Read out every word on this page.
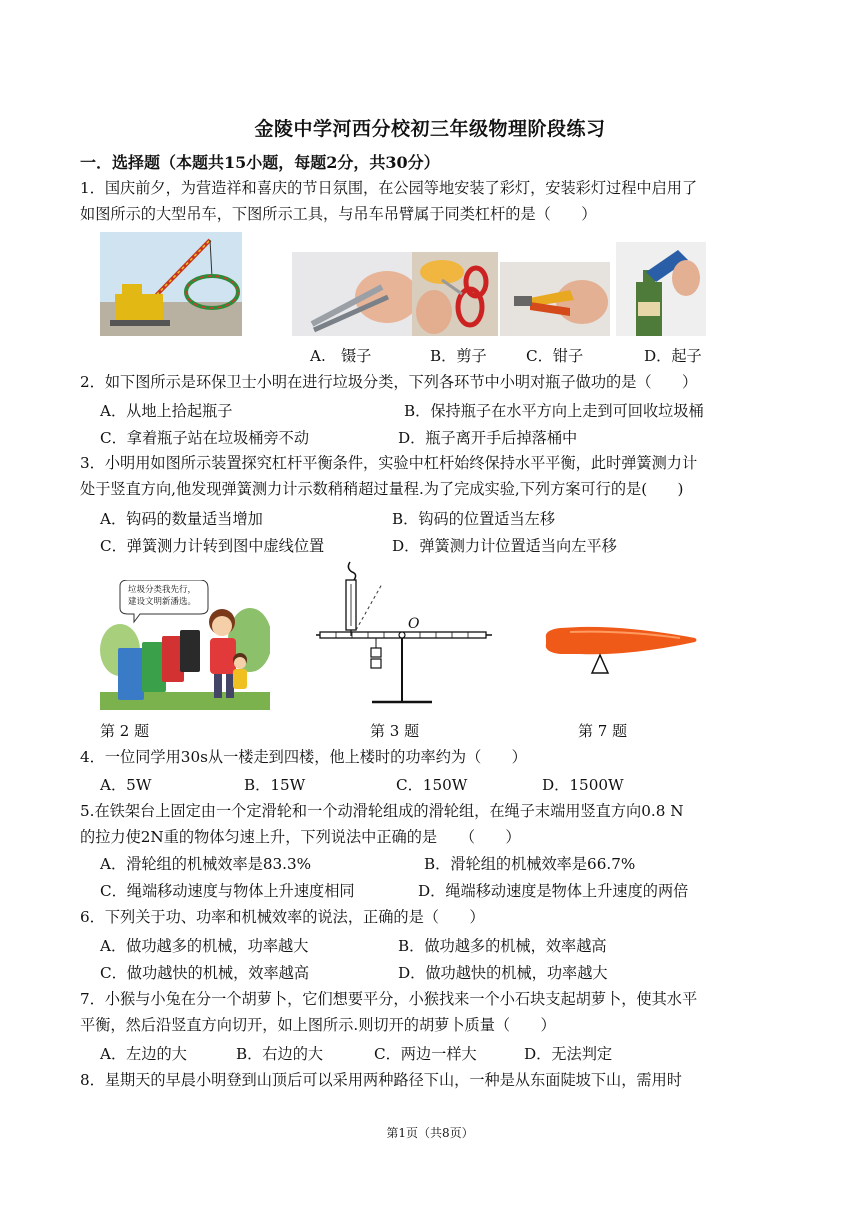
金陵中学河西分校初三年级物理阶段练习
一．选择题（本题共15小题，每题2分，共30分）
1．国庆前夕，为营造祥和喜庆的节日氛围，在公园等地安装了彩灯，安装彩灯过程中启用了
如图所示的大型吊车，下图所示工具，与吊车吊臂属于同类杠杆的是（　　）
A.　镊子	B．剪子	C．钳子	D．起子
2．如下图所示是环保卫士小明在进行垃圾分类，下列各环节中小明对瓶子做功的是（　　）
A．从地上拾起瓶子	B．保持瓶子在水平方向上走到可回收垃圾桶
C．拿着瓶子站在垃圾桶旁不动	D．瓶子离开手后掉落桶中
3．小明用如图所示装置探究杠杆平衡条件，实验中杠杆始终保持水平平衡，此时弹簧测力计
处于竖直方向,他发现弹簧测力计示数稍稍超过量程.为了完成实验,下列方案可行的是(　　)
A．钩码的数量适当增加	B．钩码的位置适当左移
C．弹簧测力计转到图中虚线位置	D．弹簧测力计位置适当向左平移
垃圾分类我先行，
建设文明新潘选。
O
第 2 题	第 3 题	第 7 题
4．一位同学用30s从一楼走到四楼，他上楼时的功率约为（　　）
A．5W	B．15W	C．150W	D．1500W
5.在铁架台上固定由一个定滑轮和一个动滑轮组成的滑轮组，在绳子末端用竖直方向0.8 N
的拉力使2N重的物体匀速上升，下列说法中正确的是　　（　　）
A．滑轮组的机械效率是83.3%	B．滑轮组的机械效率是66.7%
C．绳端移动速度与物体上升速度相同	D．绳端移动速度是物体上升速度的两倍
6．下列关于功、功率和机械效率的说法，正确的是（　　）
A．做功越多的机械，功率越大	B．做功越多的机械，效率越高
C．做功越快的机械，效率越高	D．做功越快的机械，功率越大
7．小猴与小兔在分一个胡萝卜，它们想要平分，小猴找来一个小石块支起胡萝卜，使其水平
平衡，然后沿竖直方向切开，如上图所示.则切开的胡萝卜质量（　　）
A．左边的大	B．右边的大	C．两边一样大	D．无法判定
8．星期天的早晨小明登到山顶后可以采用两种路径下山，一种是从东面陡坡下山，需用时
第1页（共8页）
